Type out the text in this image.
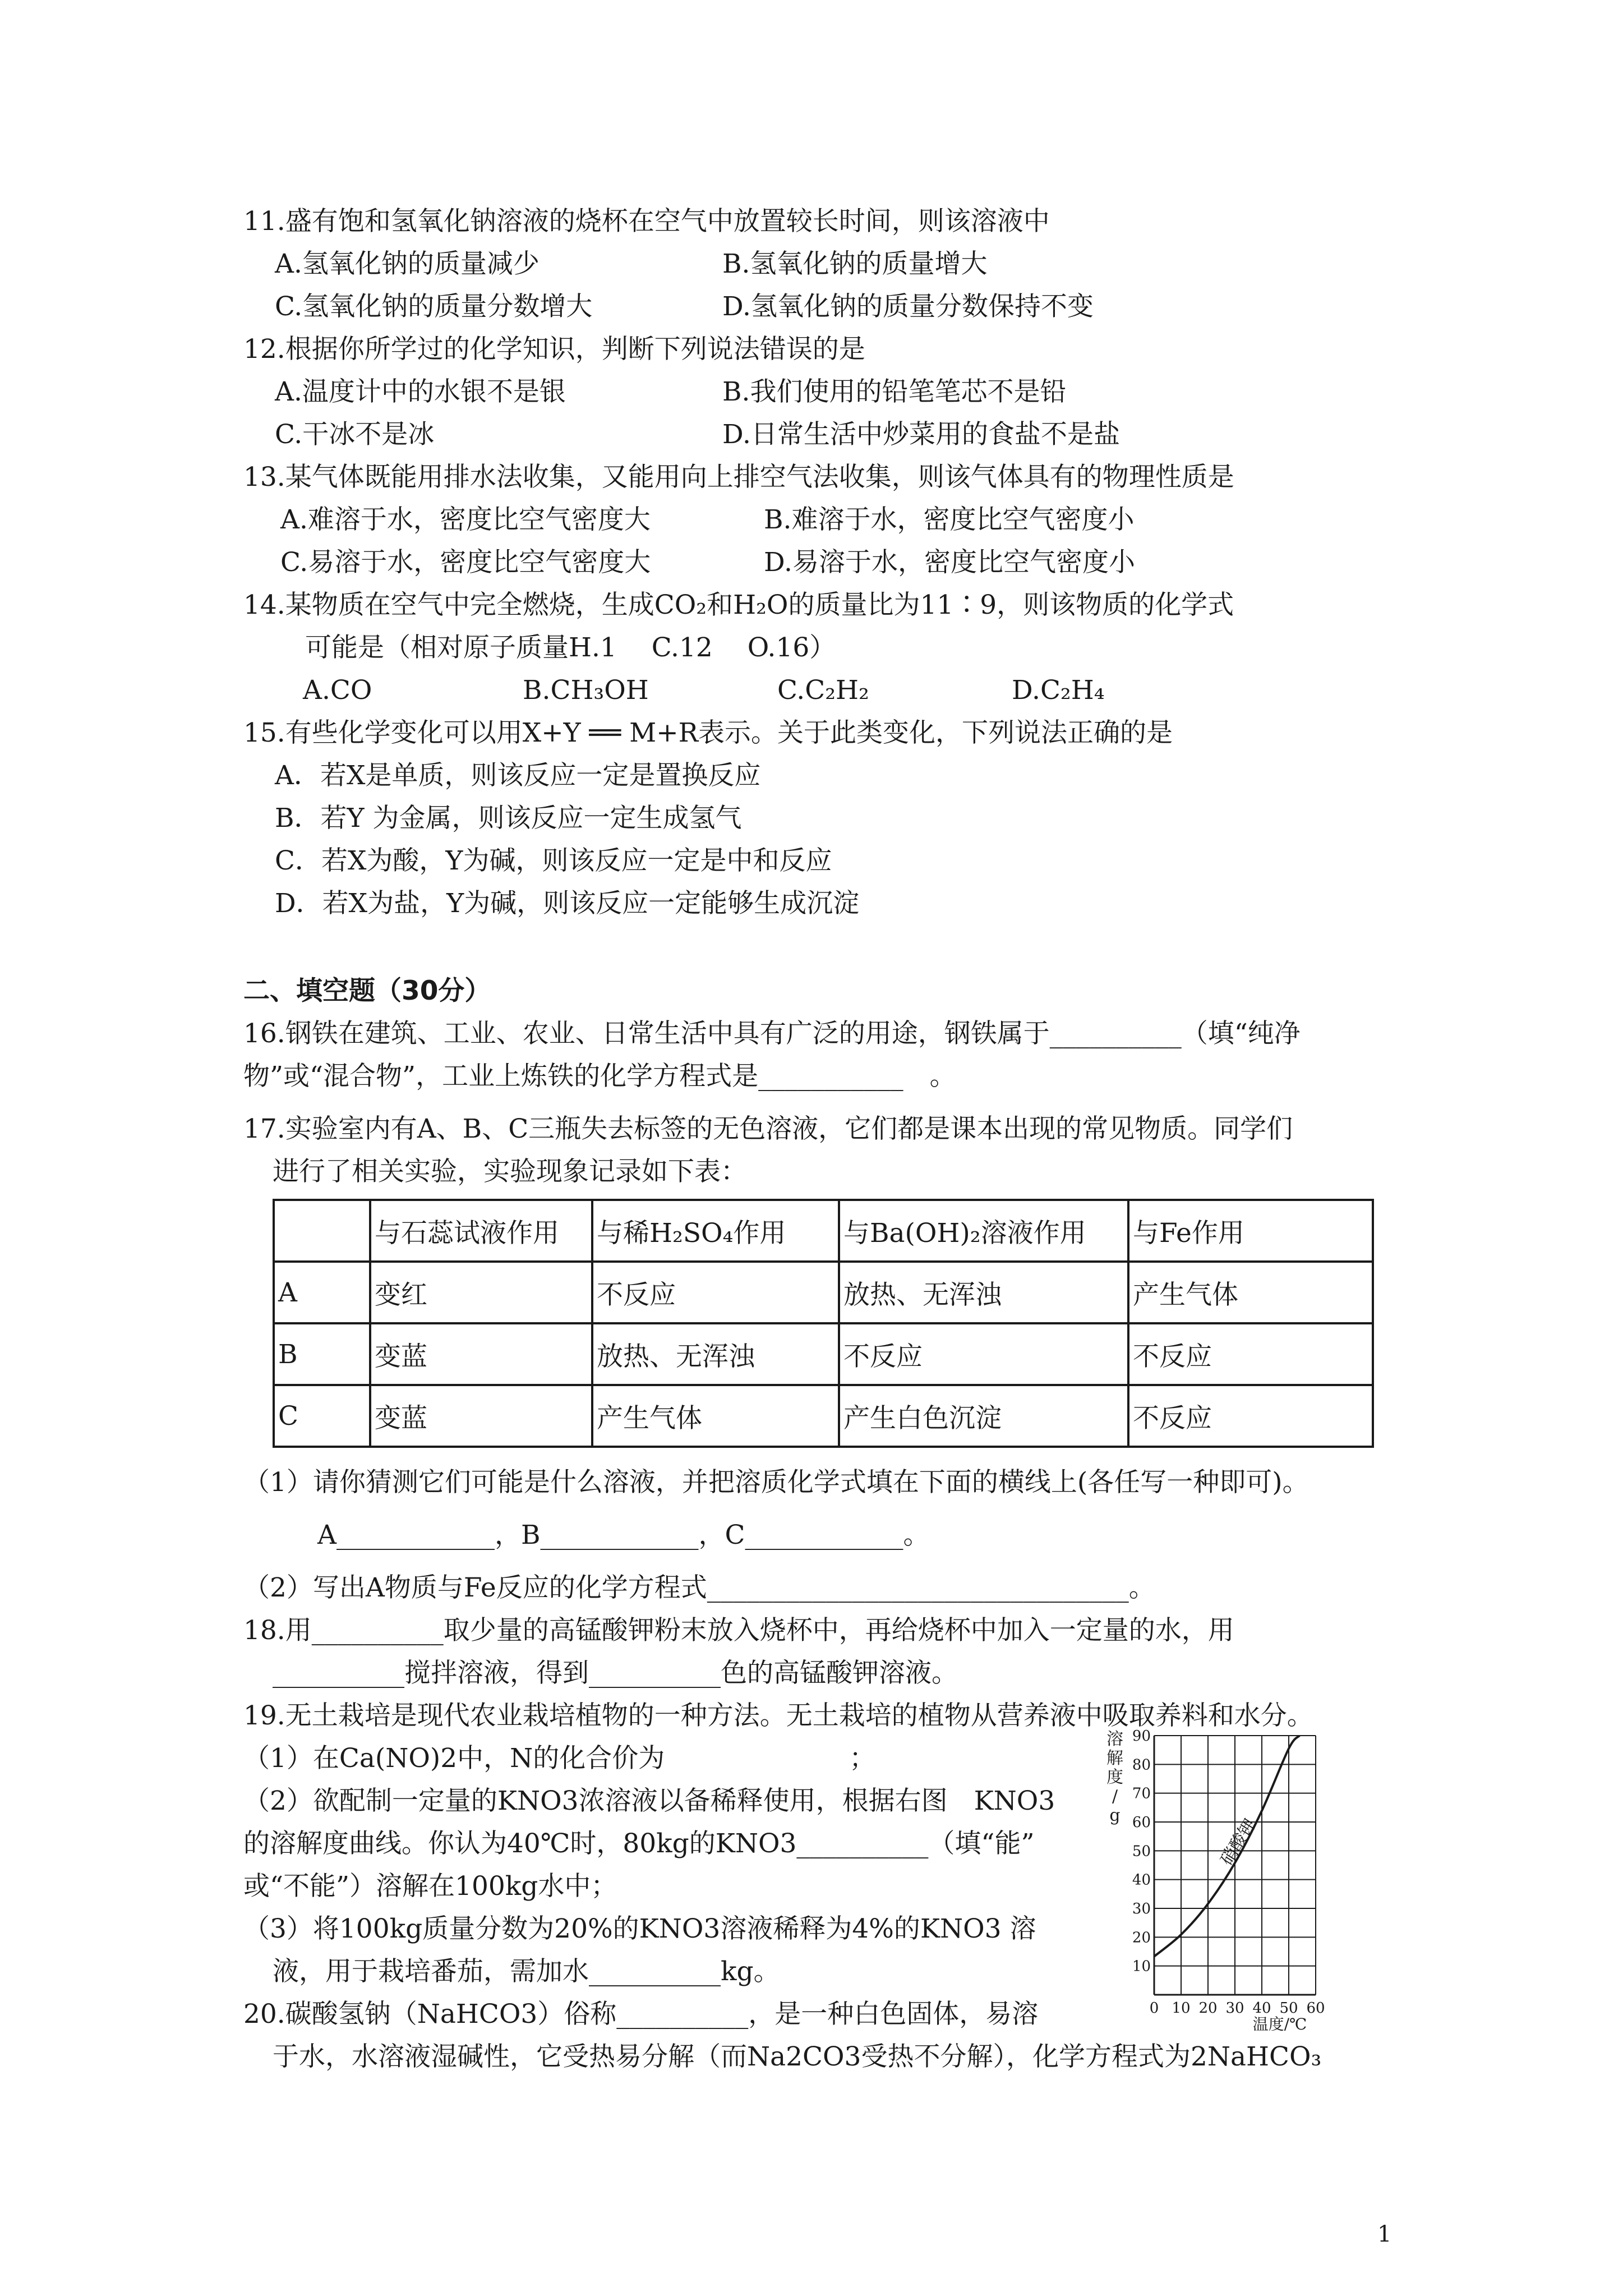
11.盛有饱和氢氧化钠溶液的烧杯在空气中放置较长时间，则该溶液中
A.氢氧化钠的质量减少	B.氢氧化钠的质量增大
C.氢氧化钠的质量分数增大	D.氢氧化钠的质量分数保持不变
12.根据你所学过的化学知识，判断下列说法错误的是
A.温度计中的水银不是银	B.我们使用的铅笔笔芯不是铅
C.干冰不是冰	D.日常生活中炒菜用的食盐不是盐
13.某气体既能用排水法收集，又能用向上排空气法收集，则该气体具有的物理性质是
A.难溶于水，密度比空气密度大	B.难溶于水，密度比空气密度小
C.易溶于水，密度比空气密度大	D.易溶于水，密度比空气密度小
14.某物质在空气中完全燃烧，生成CO₂和H₂O的质量比为11∶9，则该物质的化学式
可能是（相对原子质量H.1　 C.12　 O.16）
A.CO	B.CH₃OH	C.C₂H₂	D.C₂H₄
15.有些化学变化可以用X+Y ══ M+R表示。关于此类变化，下列说法正确的是
A．若X是单质，则该反应一定是置换反应
B．若Y 为金属，则该反应一定生成氢气
C．若X为酸，Y为碱，则该反应一定是中和反应
D．若X为盐，Y为碱，则该反应一定能够生成沉淀
二、填空题（30分）
16.钢铁在建筑、工业、农业、日常生活中具有广泛的用途，钢铁属于__________（填“纯净
物”或“混合物”，工业上炼铁的化学方程式是___________　。
17.实验室内有A、B、C三瓶失去标签的无色溶液，它们都是课本出现的常见物质。同学们
进行了相关实验，实验现象记录如下表：
	与石蕊试液作用	与稀H₂SO₄作用	与Ba(OH)₂溶液作用	与Fe作用
A	变红	不反应	放热、无浑浊	产生气体
B	变蓝	放热、无浑浊	不反应	不反应
C	变蓝	产生气体	产生白色沉淀	不反应
（1）请你猜测它们可能是什么溶液，并把溶质化学式填在下面的横线上(各任写一种即可)。
A____________，B____________，C____________。
（2）写出A物质与Fe反应的化学方程式________________________________。
18.用__________取少量的高锰酸钾粉末放入烧杯中，再给烧杯中加入一定量的水，用
__________搅拌溶液，得到__________色的高锰酸钾溶液。
19.无土栽培是现代农业栽培植物的一种方法。无土栽培的植物从营养液中吸取养料和水分。
（1）在Ca(NO)2中，N的化合价为　　　　　　　；
（2）欲配制一定量的KNO3浓溶液以备稀释使用，根据右图　KNO3
的溶解度曲线。你认为40℃时，80kg的KNO3__________（填“能”
或“不能”）溶解在100kg水中；
（3）将100kg质量分数为20%的KNO3溶液稀释为4%的KNO3 溶
液，用于栽培番茄，需加水__________kg。
20.碳酸氢钠（NaHCO3）俗称__________，是一种白色固体，易溶
于水，水溶液湿碱性，它受热易分解（而Na2CO3受热不分解），化学方程式为2NaHCO₃
0 10 20 30 40 50 60
10
20
30
40
50
60
70
80
90
硝酸钾
溶解度/ g
温度/℃
1
